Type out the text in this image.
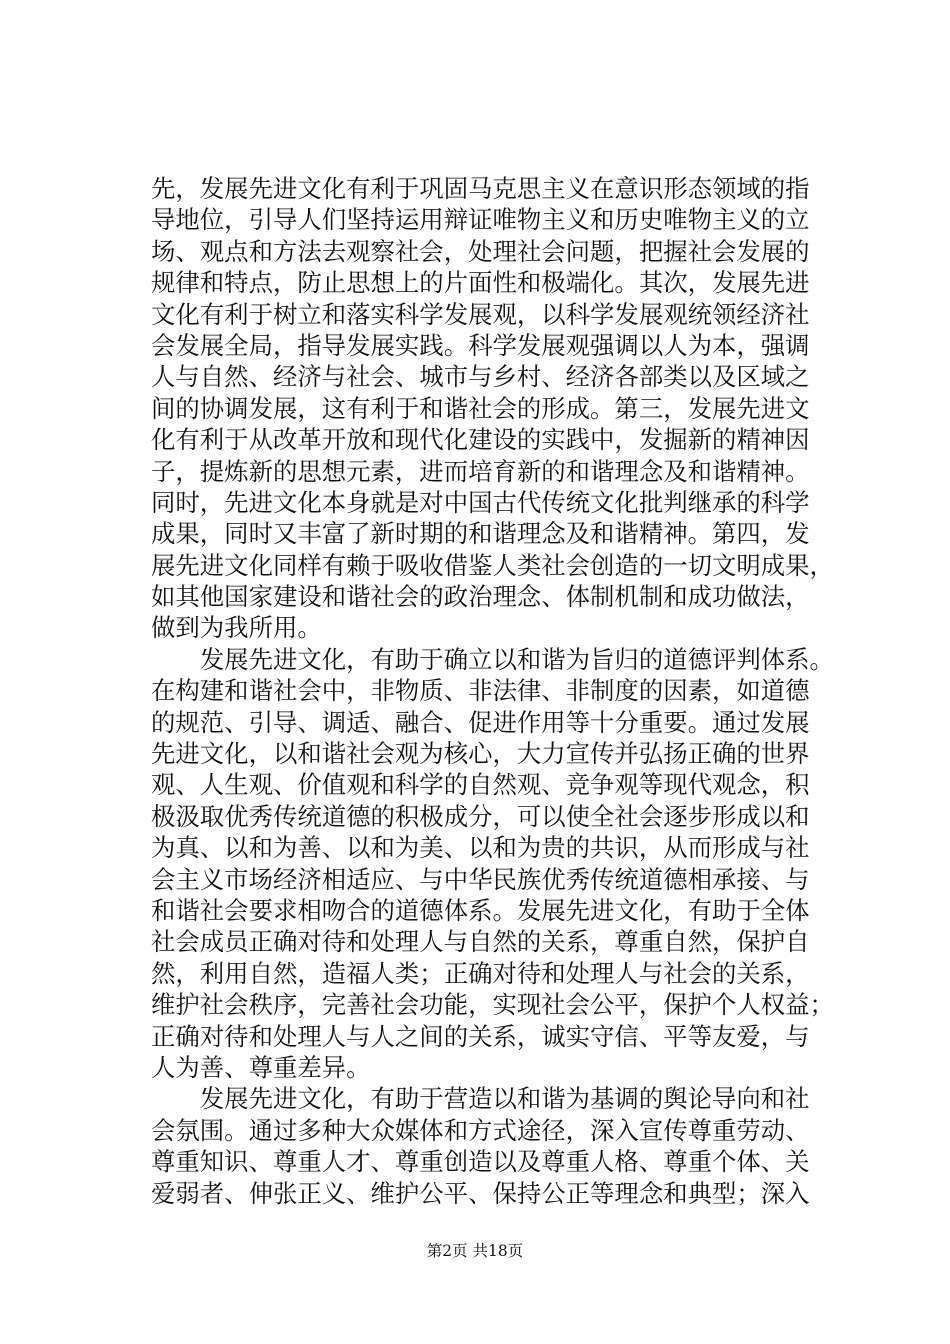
先，发展先进文化有利于巩固马克思主义在意识形态领域的指
导地位，引导人们坚持运用辩证唯物主义和历史唯物主义的立
场、观点和方法去观察社会，处理社会问题，把握社会发展的
规律和特点，防止思想上的片面性和极端化。其次，发展先进
文化有利于树立和落实科学发展观，以科学发展观统领经济社
会发展全局，指导发展实践。科学发展观强调以人为本，强调
人与自然、经济与社会、城市与乡村、经济各部类以及区域之
间的协调发展，这有利于和谐社会的形成。第三，发展先进文
化有利于从改革开放和现代化建设的实践中，发掘新的精神因
子，提炼新的思想元素，进而培育新的和谐理念及和谐精神。
同时，先进文化本身就是对中国古代传统文化批判继承的科学
成果，同时又丰富了新时期的和谐理念及和谐精神。第四，发
展先进文化同样有赖于吸收借鉴人类社会创造的一切文明成果，
如其他国家建设和谐社会的政治理念、体制机制和成功做法，
做到为我所用。
　　发展先进文化，有助于确立以和谐为旨归的道德评判体系。
在构建和谐社会中，非物质、非法律、非制度的因素，如道德
的规范、引导、调适、融合、促进作用等十分重要。通过发展
先进文化，以和谐社会观为核心，大力宣传并弘扬正确的世界
观、人生观、价值观和科学的自然观、竞争观等现代观念，积
极汲取优秀传统道德的积极成分，可以使全社会逐步形成以和
为真、以和为善、以和为美、以和为贵的共识，从而形成与社
会主义市场经济相适应、与中华民族优秀传统道德相承接、与
和谐社会要求相吻合的道德体系。发展先进文化，有助于全体
社会成员正确对待和处理人与自然的关系，尊重自然，保护自
然，利用自然，造福人类；正确对待和处理人与社会的关系，
维护社会秩序，完善社会功能，实现社会公平，保护个人权益；
正确对待和处理人与人之间的关系，诚实守信、平等友爱，与
人为善、尊重差异。
　　发展先进文化，有助于营造以和谐为基调的舆论导向和社
会氛围。通过多种大众媒体和方式途径，深入宣传尊重劳动、
尊重知识、尊重人才、尊重创造以及尊重人格、尊重个体、关
爱弱者、伸张正义、维护公平、保持公正等理念和典型；深入
第2页 共18页
